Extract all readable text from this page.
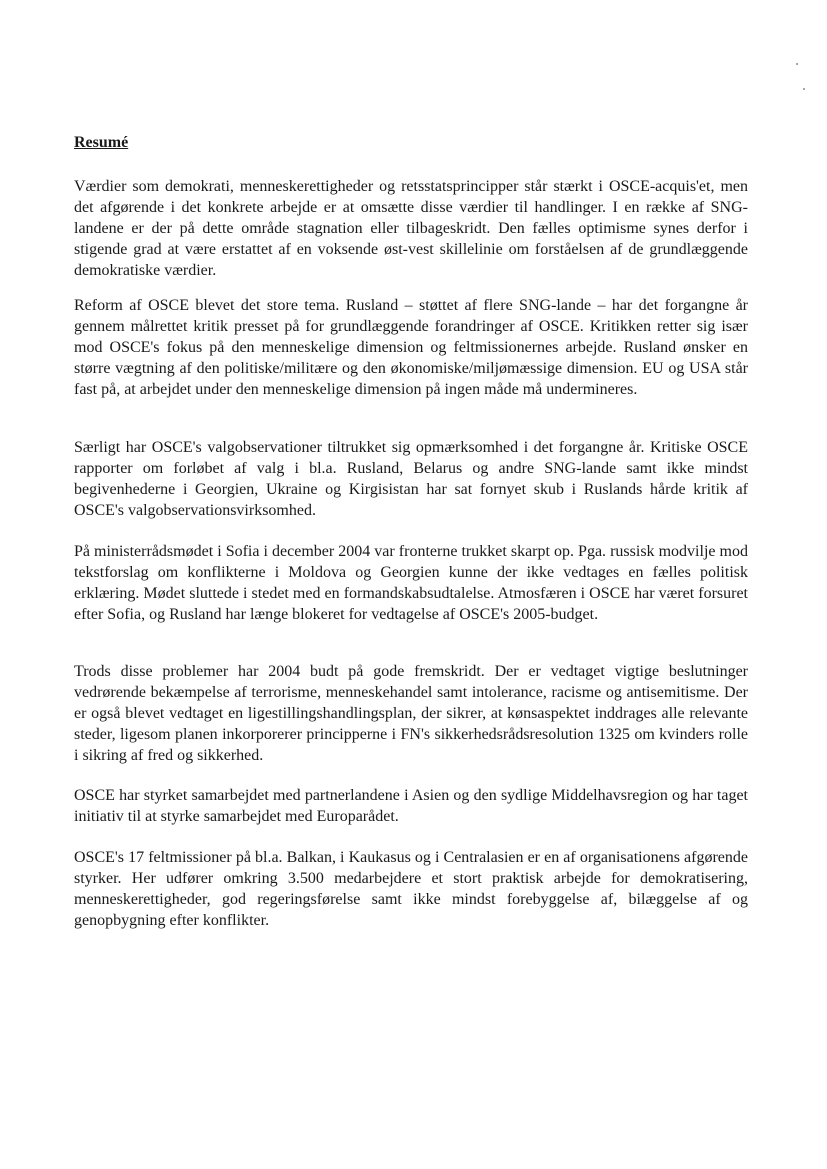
Resumé

Værdier som demokrati, menneskerettigheder og retsstatsprincipper står stærkt i OSCE-acquis'et, men det afgørende i det konkrete arbejde er at omsætte disse værdier til handlinger. I en række af SNG-landene er der på dette område stagnation eller tilbageskridt. Den fælles optimisme synes derfor i stigende grad at være erstattet af en voksende øst-vest skillelinie om forståelsen af de grundlæggende demokratiske værdier.

Reform af OSCE blevet det store tema. Rusland – støttet af flere SNG-lande – har det forgangne år gennem målrettet kritik presset på for grundlæggende forandringer af OSCE. Kritikken retter sig især mod OSCE's fokus på den menneskelige dimension og feltmissionernes arbejde. Rusland ønsker en større vægtning af den politiske/militære og den økonomiske/miljømæssige dimension. EU og USA står fast på, at arbejdet under den menneskelige dimension på ingen måde må undermineres.

Særligt har OSCE's valgobservationer tiltrukket sig opmærksomhed i det forgangne år. Kritiske OSCE rapporter om forløbet af valg i bl.a. Rusland, Belarus og andre SNG-lande samt ikke mindst begivenhederne i Georgien, Ukraine og Kirgisistan har sat fornyet skub i Ruslands hårde kritik af OSCE's valgobservationsvirksomhed.

På ministerrådsmødet i Sofia i december 2004 var fronterne trukket skarpt op. Pga. russisk modvilje mod tekstforslag om konflikterne i Moldova og Georgien kunne der ikke vedtages en fælles politisk erklæring. Mødet sluttede i stedet med en formandskabsudtalelse. Atmosfæren i OSCE har været forsuret efter Sofia, og Rusland har længe blokeret for vedtagelse af OSCE's 2005-budget.

Trods disse problemer har 2004 budt på gode fremskridt. Der er vedtaget vigtige beslutninger vedrørende bekæmpelse af terrorisme, menneskehandel samt intolerance, racisme og antisemitisme. Der er også blevet vedtaget en ligestillingshandlingsplan, der sikrer, at kønsaspektet inddrages alle relevante steder, ligesom planen inkorporerer principperne i FN's sikkerhedsrådsresolution 1325 om kvinders rolle i sikring af fred og sikkerhed.

OSCE har styrket samarbejdet med partnerlandene i Asien og den sydlige Middelhavsregion og har taget initiativ til at styrke samarbejdet med Europarådet.

OSCE's 17 feltmissioner på bl.a. Balkan, i Kaukasus og i Centralasien er en af organisationens afgørende styrker. Her udfører omkring 3.500 medarbejdere et stort praktisk arbejde for demokratisering, menneskerettigheder, god regeringsførelse samt ikke mindst forebyggelse af, bilæggelse af og genopbygning efter konflikter.
